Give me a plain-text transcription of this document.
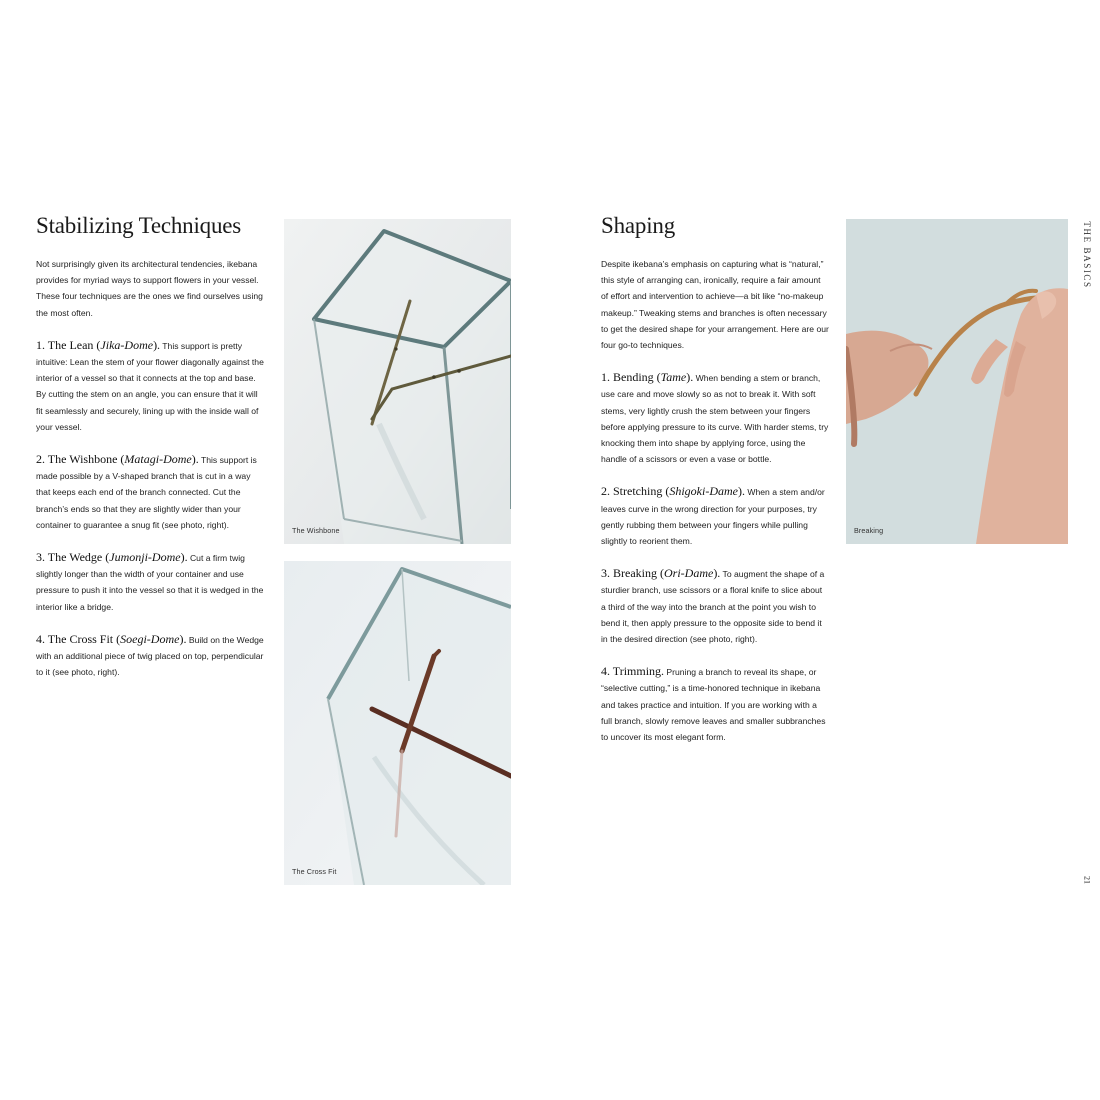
Stabilizing Techniques

Not surprisingly given its architectural tendencies, ikebana provides for myriad ways to support flowers in your vessel. These four techniques are the ones we find ourselves using the most often.

1. The Lean (Jika-Dome). This support is pretty intuitive: Lean the stem of your flower diagonally against the interior of a vessel so that it connects at the top and base. By cutting the stem on an angle, you can ensure that it will fit seamlessly and securely, lining up with the inside wall of your vessel.

2. The Wishbone (Matagi-Dome). This support is made possible by a V-shaped branch that is cut in a way that keeps each end of the branch connected. Cut the branch’s ends so that they are slightly wider than your container to guarantee a snug fit (see photo, right).

3. The Wedge (Jumonji-Dome). Cut a firm twig slightly longer than the width of your container and use pressure to push it into the vessel so that it is wedged in the interior like a bridge.

4. The Cross Fit (Soegi-Dome). Build on the Wedge with an additional piece of twig placed on top, perpendicular to it (see photo, right).

The Wishbone
The Cross Fit
Shaping

Despite ikebana’s emphasis on capturing what is “natural,” this style of arranging can, ironically, require a fair amount of effort and intervention to achieve—a bit like “no-makeup makeup.” Tweaking stems and branches is often necessary to get the desired shape for your arrangement. Here are our four go-to techniques.

1. Bending (Tame). When bending a stem or branch, use care and move slowly so as not to break it. With soft stems, very lightly crush the stem between your fingers before applying pressure to its curve. With harder stems, try knocking them into shape by applying force, using the handle of a scissors or even a vase or bottle.

2. Stretching (Shigoki-Dame). When a stem and/or leaves curve in the wrong direction for your purposes, try gently rubbing them between your fingers while pulling slightly to reorient them.

3. Breaking (Ori-Dame). To augment the shape of a sturdier branch, use scissors or a floral knife to slice about a third of the way into the branch at the point you wish to bend it, then apply pressure to the opposite side to bend it in the desired direction (see photo, right).

4. Trimming. Pruning a branch to reveal its shape, or “selective cutting,” is a time-honored technique in ikebana and takes practice and intuition. If you are working with a full branch, slowly remove leaves and smaller subbranches to uncover its most elegant form.

Breaking
THE BASICS
21
